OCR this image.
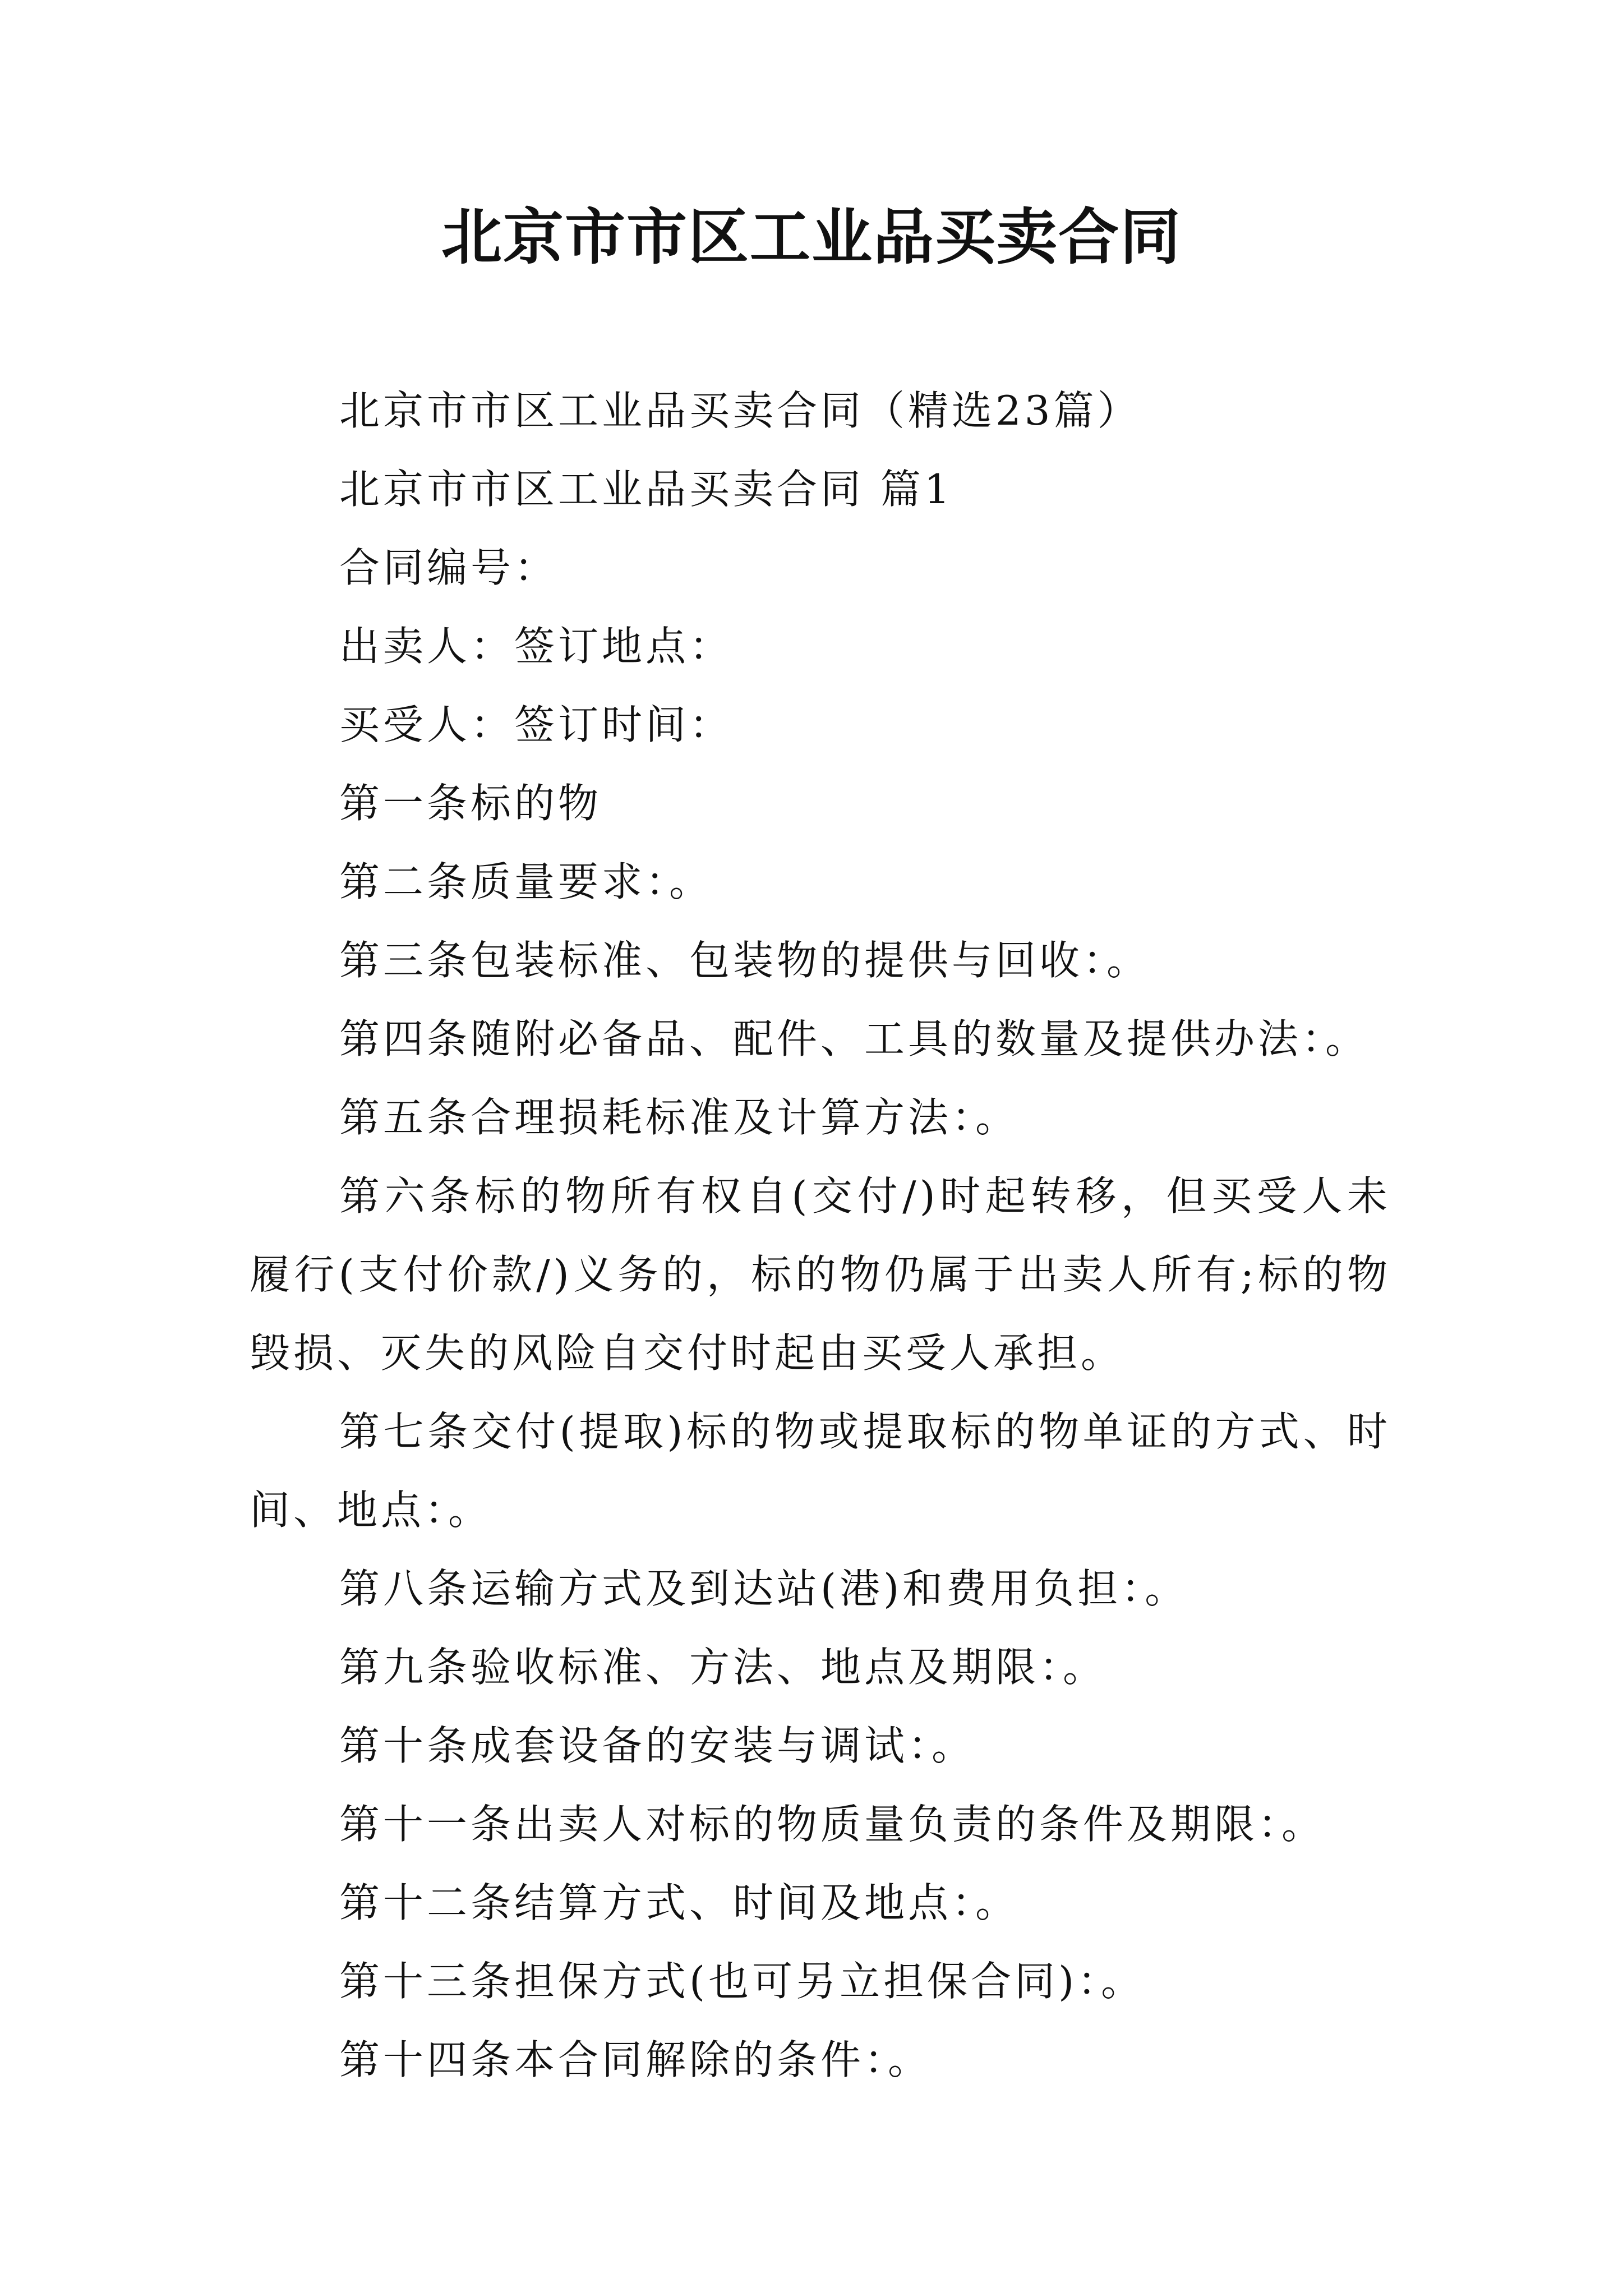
北京市市区工业品买卖合同

北京市市区工业品买卖合同（精选23篇）

北京市市区工业品买卖合同 篇1

合同编号：

出卖人：签订地点：

买受人：签订时间：

第一条标的物

第二条质量要求：。

第三条包装标准、包装物的提供与回收：。

第四条随附必备品、配件、工具的数量及提供办法：。

第五条合理损耗标准及计算方法：。

第六条标的物所有权自(交付/)时起转移，但买受人未履行(支付价款/)义务的，标的物仍属于出卖人所有;标的物毁损、灭失的风险自交付时起由买受人承担。

第七条交付(提取)标的物或提取标的物单证的方式、时间、地点：。

第八条运输方式及到达站(港)和费用负担：。

第九条验收标准、方法、地点及期限：。

第十条成套设备的安装与调试：。

第十一条出卖人对标的物质量负责的条件及期限：。

第十二条结算方式、时间及地点：。

第十三条担保方式(也可另立担保合同)：。

第十四条本合同解除的条件：。
